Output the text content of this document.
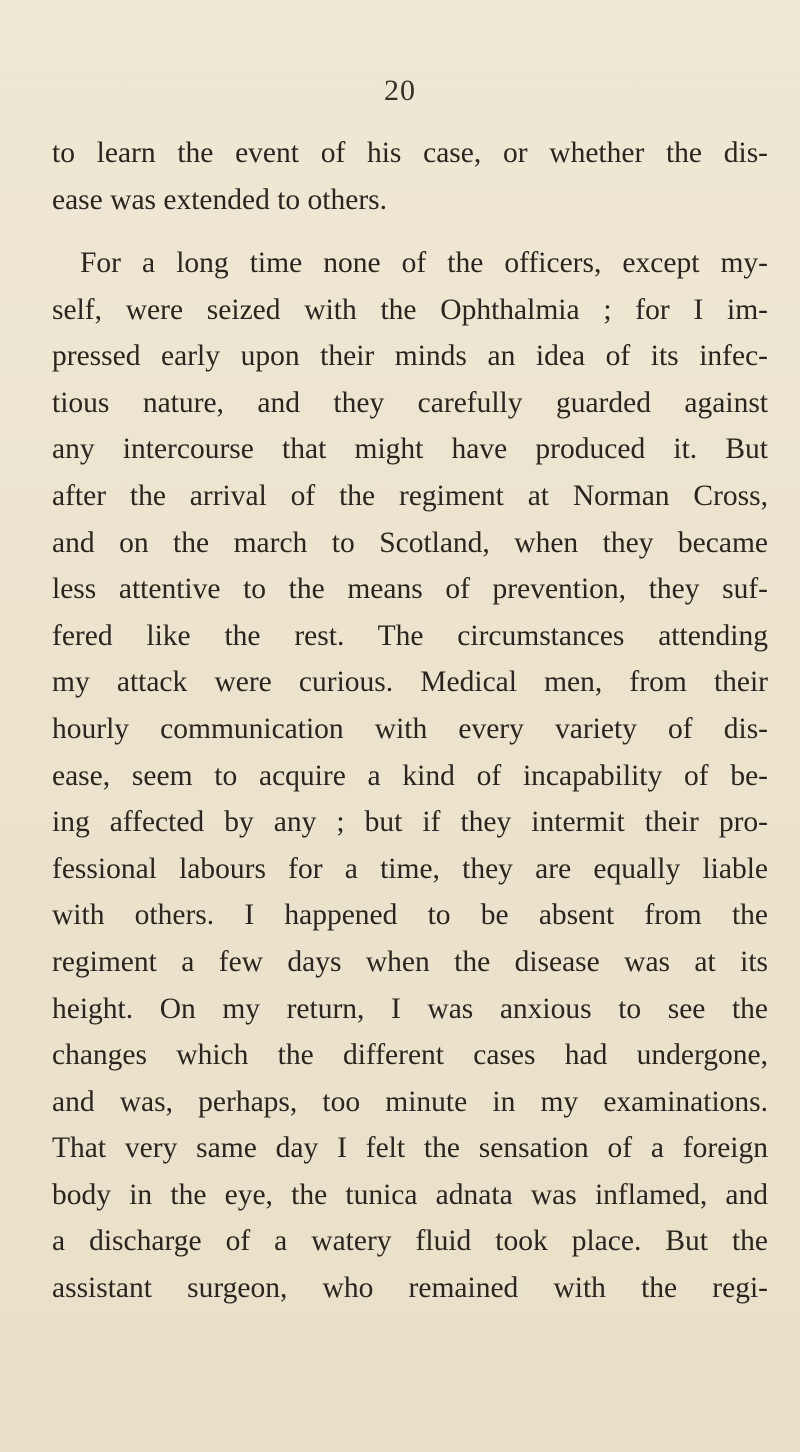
20
to learn the event of his case, or whether the dis-
ease was extended to others.
For a long time none of the officers, except my-
self, were seized with the Ophthalmia ; for I im-
pressed early upon their minds an idea of its infec-
tious nature, and they carefully guarded against
any intercourse that might have produced it. But
after the arrival of the regiment at Norman Cross,
and on the march to Scotland, when they became
less attentive to the means of prevention, they suf-
fered like the rest. The circumstances attending
my attack were curious. Medical men, from their
hourly communication with every variety of dis-
ease, seem to acquire a kind of incapability of be-
ing affected by any ; but if they intermit their pro-
fessional labours for a time, they are equally liable
with others. I happened to be absent from the
regiment a few days when the disease was at its
height. On my return, I was anxious to see the
changes which the different cases had undergone,
and was, perhaps, too minute in my examinations.
That very same day I felt the sensation of a foreign
body in the eye, the tunica adnata was inflamed, and
a discharge of a watery fluid took place. But the
assistant surgeon, who remained with the regi-
